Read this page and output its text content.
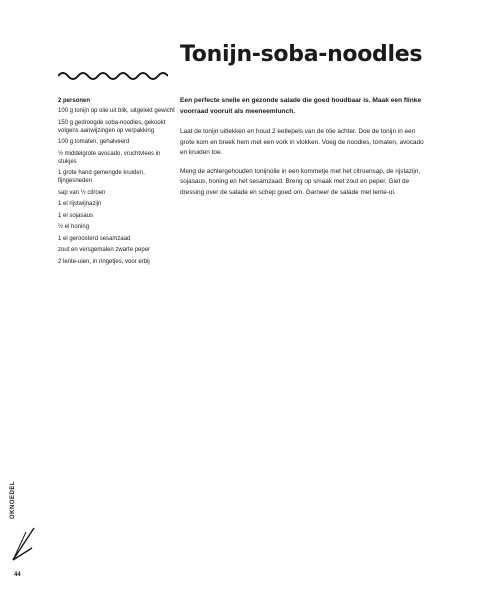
Tonijn-soba-noodles
2 personen
100 g tonijn op olie uit blik, uitgelekt gewicht
150 g gedroogde soba-noodles, gekookt volgens aanwijzingen op verpakking
100 g tomaten, gehalveerd
½ middelgrote avocado, vruchtvlees in stukjes
1 grote hand gemengde kruiden, fijngesneden
sap van ½ citroen
1 el rijstwijnazijn
1 el sojasaus
½ el honing
1 el geroosterd sesamzaad
zout en versgemalen zwarte peper
2 lente-uien, in ringetjes, voor erbij

Een perfecte snelle en gezonde salade die goed houdbaar is. Maak een flinke voorraad vooruit als meeneemlunch.

Laat de tonijn uitlekken en houd 2 eetlepels van de olie achter. Doe de tonijn in een grote kom en breek hem met een vork in vlokken. Voeg de noodles, tomaten, avocado en kruiden toe.

Meng de achtergehouden tonijnolie in een kommetje met het citroensap, de rijstazijn, sojasaus, honing en het sesamzaad. Breng op smaak met zout en peper. Giet de dressing over de salade en schep goed om. Garneer de salade met lente-ui.

OKNOEDEL

44
